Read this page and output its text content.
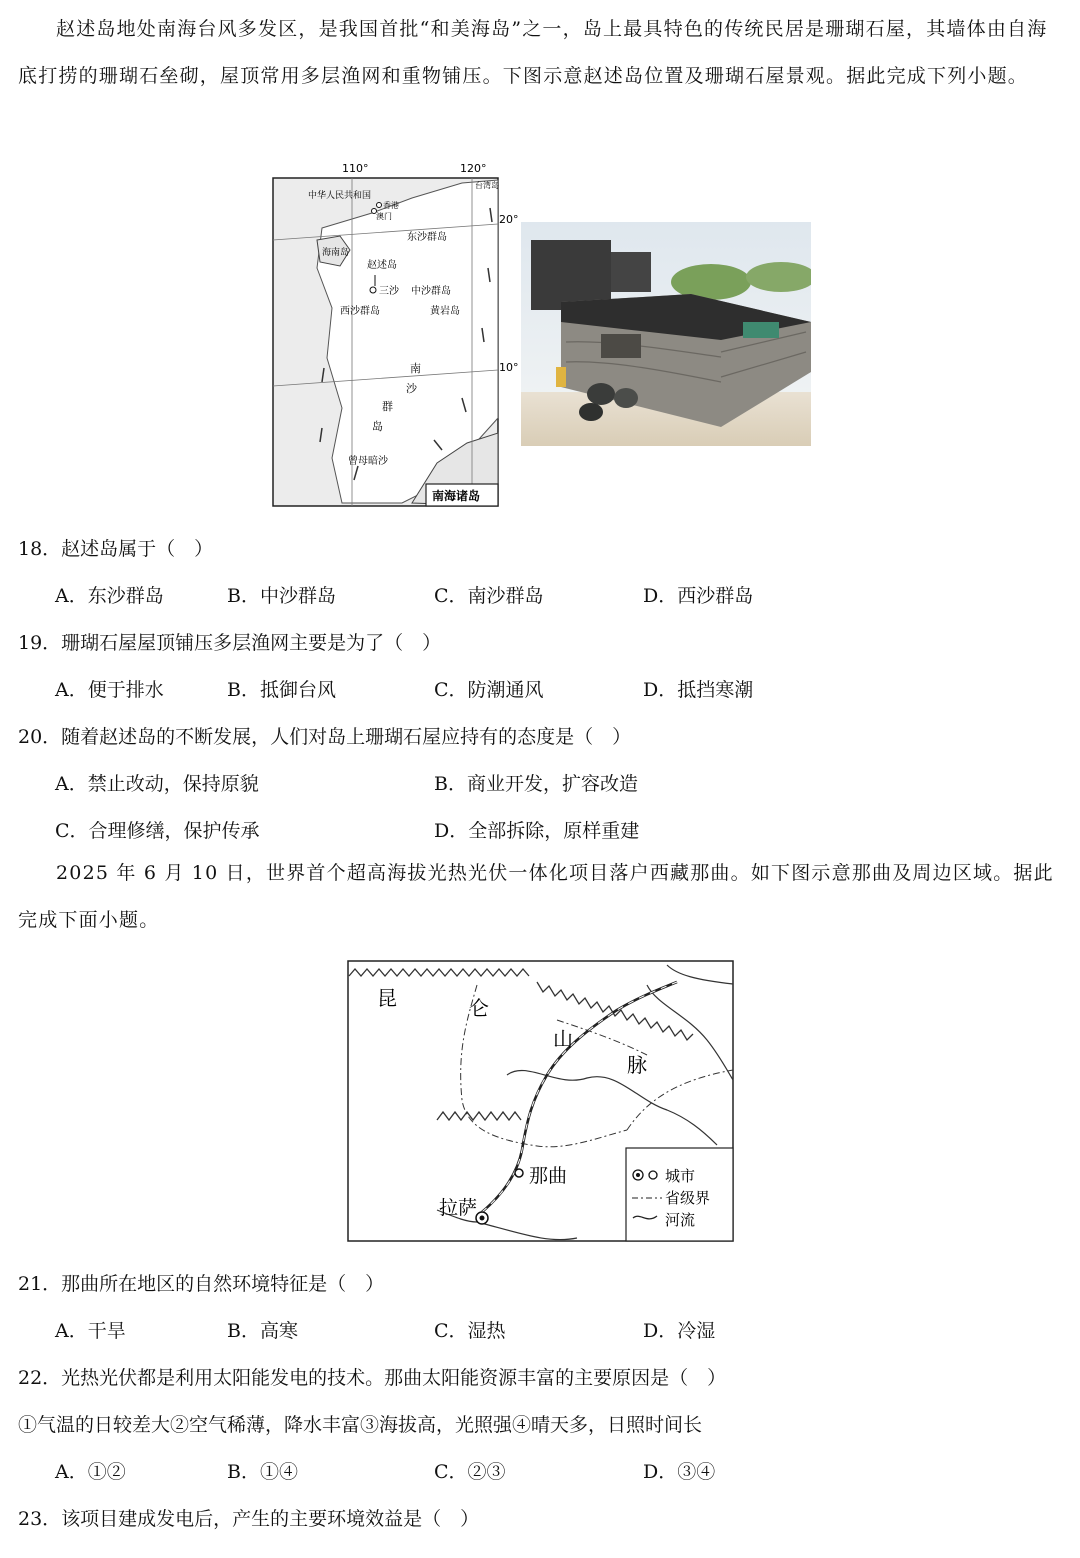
赵述岛地处南海台风多发区，是我国首批“和美海岛”之一，岛上最具特色的传统民居是珊瑚石屋，其墙体由自海底打捞的珊瑚石垒砌，屋顶常用多层渔网和重物铺压。下图示意赵述岛位置及珊瑚石屋景观。据此完成下列小题。

110°	120°
20°
10°
中华人民共和国
香港
澳门
台湾岛
海南岛
东沙群岛
赵述岛
三沙 中沙群岛
西沙群岛	黄岩岛
南
沙
群
岛
曾母暗沙
南海诸岛

18．赵述岛属于（　）

A．东沙群岛	B．中沙群岛	C．南沙群岛	D．西沙群岛

19．珊瑚石屋屋顶铺压多层渔网主要是为了（　）

A．便于排水	B．抵御台风	C．防潮通风	D．抵挡寒潮

20．随着赵述岛的不断发展，人们对岛上珊瑚石屋应持有的态度是（　）

A．禁止改动，保持原貌	B．商业开发，扩容改造

C．合理修缮，保护传承	D．全部拆除，原样重建

2025 年 6 月 10 日，世界首个超高海拔光热光伏一体化项目落户西藏那曲。如下图示意那曲及周边区域。据此完成下面小题。

昆	仑
山
脉
那曲
拉萨
城市
省级界
河流

21．那曲所在地区的自然环境特征是（　）

A．干旱	B．高寒	C．湿热	D．冷湿

22．光热光伏都是利用太阳能发电的技术。那曲太阳能资源丰富的主要原因是（　）

①气温的日较差大②空气稀薄，降水丰富③海拔高，光照强④晴天多，日照时间长

A．①②	B．①④	C．②③	D．③④

23．该项目建成发电后，产生的主要环境效益是（　）
